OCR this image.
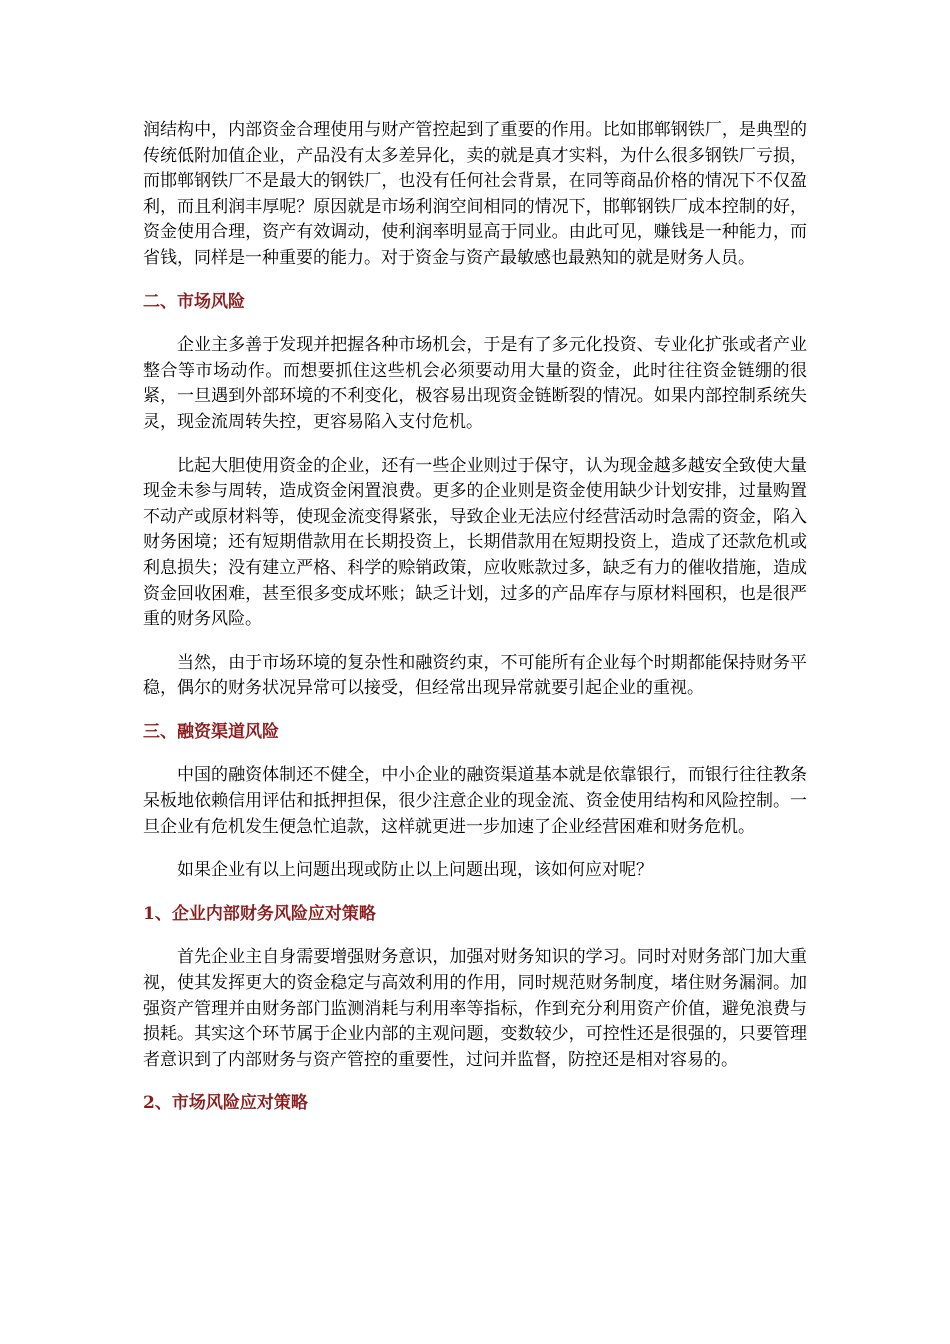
润结构中，内部资金合理使用与财产管控起到了重要的作用。比如邯郸钢铁厂，是典型的传统低附加值企业，产品没有太多差异化，卖的就是真才实料，为什么很多钢铁厂亏损，而邯郸钢铁厂不是最大的钢铁厂，也没有任何社会背景，在同等商品价格的情况下不仅盈利，而且利润丰厚呢？原因就是市场利润空间相同的情况下，邯郸钢铁厂成本控制的好，资金使用合理，资产有效调动，使利润率明显高于同业。由此可见，赚钱是一种能力，而省钱，同样是一种重要的能力。对于资金与资产最敏感也最熟知的就是财务人员。

二、市场风险

企业主多善于发现并把握各种市场机会，于是有了多元化投资、专业化扩张或者产业整合等市场动作。而想要抓住这些机会必须要动用大量的资金，此时往往资金链绷的很紧，一旦遇到外部环境的不利变化，极容易出现资金链断裂的情况。如果内部控制系统失灵，现金流周转失控，更容易陷入支付危机。

比起大胆使用资金的企业，还有一些企业则过于保守，认为现金越多越安全致使大量现金未参与周转，造成资金闲置浪费。更多的企业则是资金使用缺少计划安排，过量购置不动产或原材料等，使现金流变得紧张，导致企业无法应付经营活动时急需的资金，陷入财务困境；还有短期借款用在长期投资上，长期借款用在短期投资上，造成了还款危机或利息损失；没有建立严格、科学的赊销政策，应收账款过多，缺乏有力的催收措施，造成资金回收困难，甚至很多变成坏账；缺乏计划，过多的产品库存与原材料囤积，也是很严重的财务风险。

当然，由于市场环境的复杂性和融资约束，不可能所有企业每个时期都能保持财务平稳，偶尔的财务状况异常可以接受，但经常出现异常就要引起企业的重视。

三、融资渠道风险

中国的融资体制还不健全，中小企业的融资渠道基本就是依靠银行，而银行往往教条呆板地依赖信用评估和抵押担保，很少注意企业的现金流、资金使用结构和风险控制。一旦企业有危机发生便急忙追款，这样就更进一步加速了企业经营困难和财务危机。

如果企业有以上问题出现或防止以上问题出现，该如何应对呢？

1、企业内部财务风险应对策略

首先企业主自身需要增强财务意识，加强对财务知识的学习。同时对财务部门加大重视，使其发挥更大的资金稳定与高效利用的作用，同时规范财务制度，堵住财务漏洞。加强资产管理并由财务部门监测消耗与利用率等指标，作到充分利用资产价值，避免浪费与损耗。其实这个环节属于企业内部的主观问题，变数较少，可控性还是很强的，只要管理者意识到了内部财务与资产管控的重要性，过问并监督，防控还是相对容易的。

2、市场风险应对策略
